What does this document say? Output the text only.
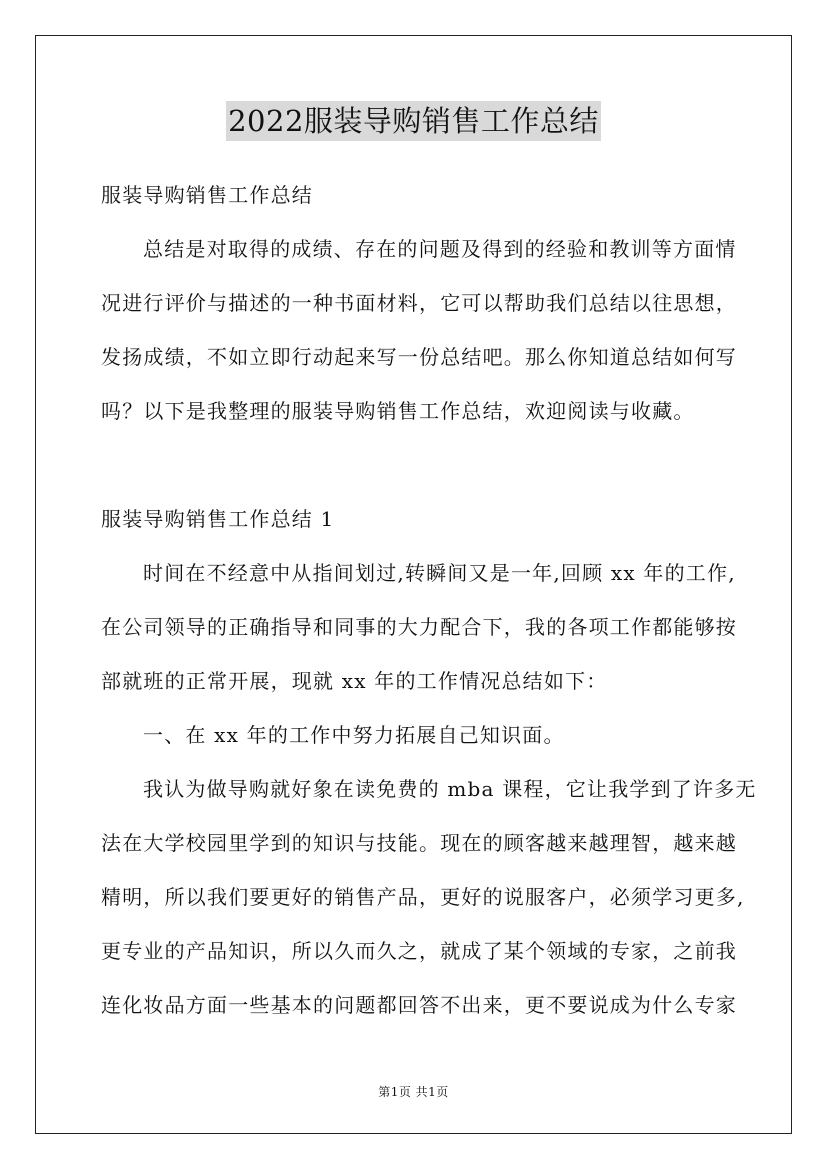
2022服装导购销售工作总结
服装导购销售工作总结
总结是对取得的成绩、存在的问题及得到的经验和教训等方面情
况进行评价与描述的一种书面材料，它可以帮助我们总结以往思想，
发扬成绩，不如立即行动起来写一份总结吧。那么你知道总结如何写
吗？以下是我整理的服装导购销售工作总结，欢迎阅读与收藏。
服装导购销售工作总结 1
时间在不经意中从指间划过,转瞬间又是一年,回顾 xx 年的工作,
在公司领导的正确指导和同事的大力配合下，我的各项工作都能够按
部就班的正常开展，现就 xx 年的工作情况总结如下：
一、在 xx 年的工作中努力拓展自己知识面。
我认为做导购就好象在读免费的 mba 课程，它让我学到了许多无
法在大学校园里学到的知识与技能。现在的顾客越来越理智，越来越
精明，所以我们要更好的销售产品，更好的说服客户，必须学习更多,
更专业的产品知识，所以久而久之，就成了某个领域的专家，之前我
连化妆品方面一些基本的问题都回答不出来，更不要说成为什么专家
第1页 共1页
